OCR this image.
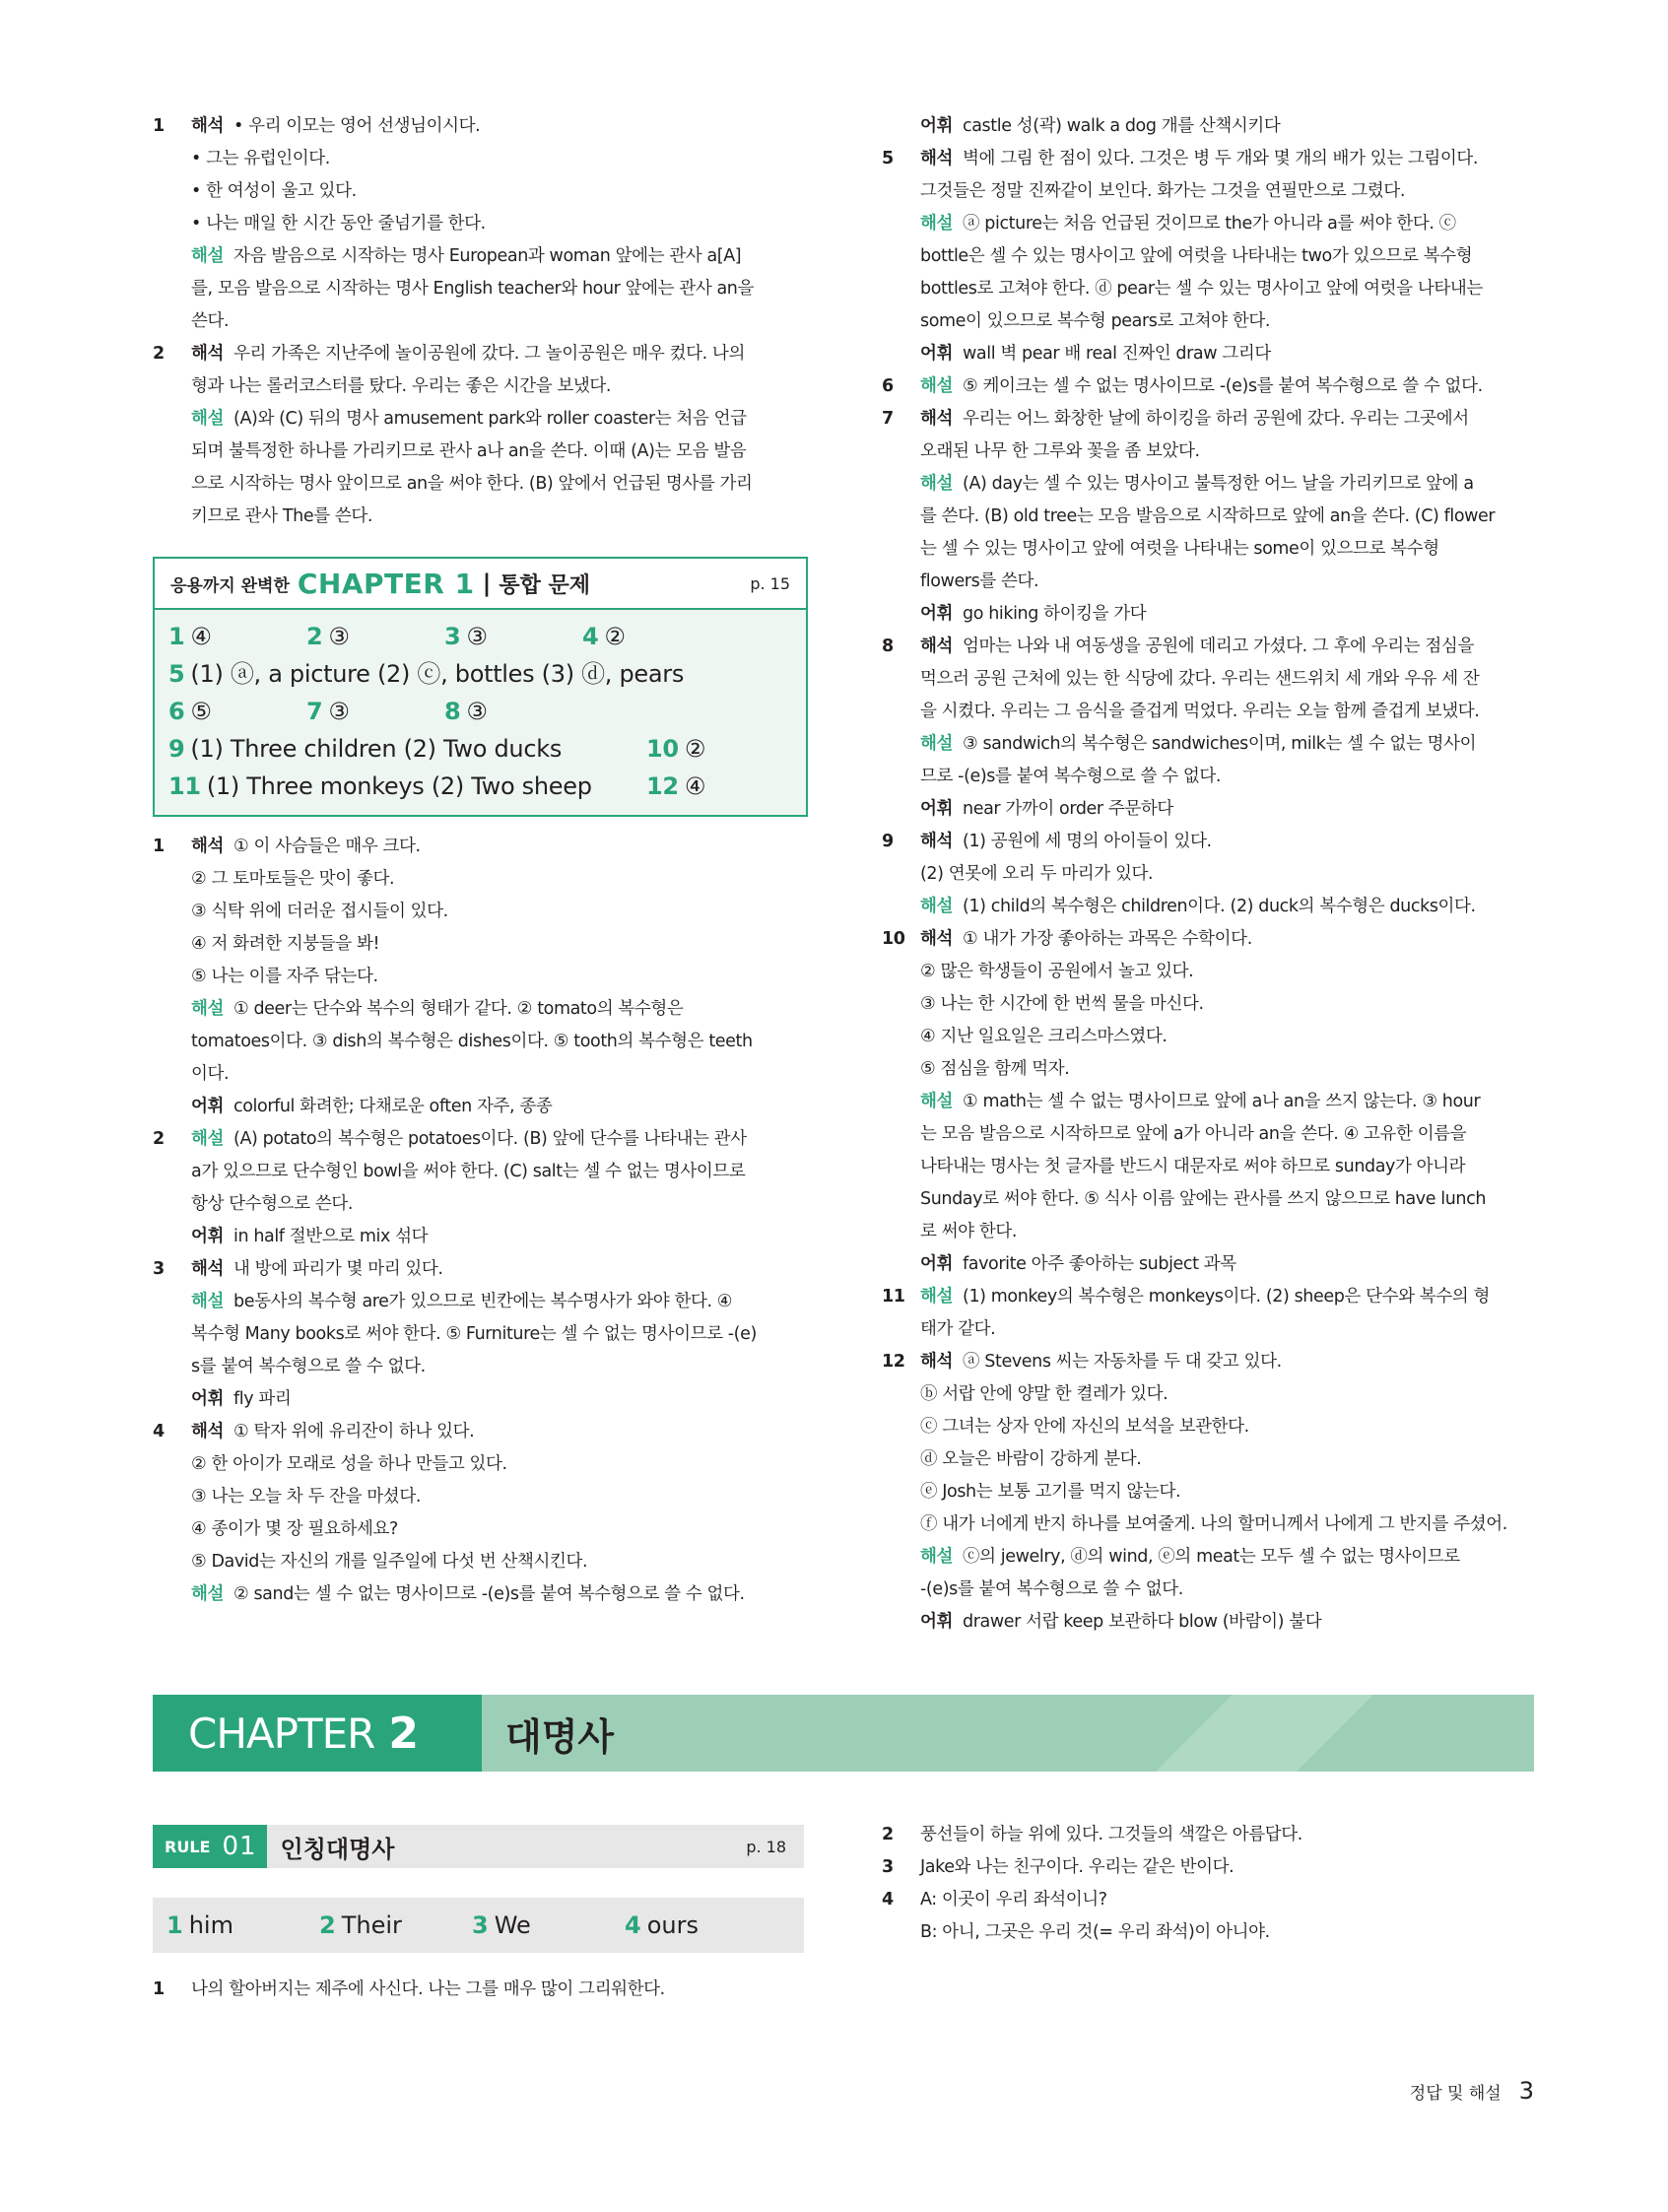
1	해석 • 우리 이모는 영어 선생님이시다.
• 그는 유럽인이다.
• 한 여성이 울고 있다.
• 나는 매일 한 시간 동안 줄넘기를 한다.
해설 자음 발음으로 시작하는 명사 European과 woman 앞에는 관사 a[A]
를, 모음 발음으로 시작하는 명사 English teacher와 hour 앞에는 관사 an을
쓴다.
2	해석 우리 가족은 지난주에 놀이공원에 갔다. 그 놀이공원은 매우 컸다. 나의
형과 나는 롤러코스터를 탔다. 우리는 좋은 시간을 보냈다.
해설 (A)와 (C) 뒤의 명사 amusement park와 roller coaster는 처음 언급
되며 불특정한 하나를 가리키므로 관사 a나 an을 쓴다. 이때 (A)는 모음 발음
으로 시작하는 명사 앞이므로 an을 써야 한다. (B) 앞에서 언급된 명사를 가리
키므로 관사 The를 쓴다.
응용까지 완벽한 CHAPTER 1 | 통합 문제	p. 15
1 ④	2 ③	3 ③	4 ②
5 (1) ⓐ, a picture (2) ⓒ, bottles (3) ⓓ, pears
6 ⑤	7 ③	8 ③
9 (1) Three children (2) Two ducks	10 ②
11 (1) Three monkeys (2) Two sheep	12 ④
1	해석 ① 이 사슴들은 매우 크다.
② 그 토마토들은 맛이 좋다.
③ 식탁 위에 더러운 접시들이 있다.
④ 저 화려한 지붕들을 봐!
⑤ 나는 이를 자주 닦는다.
해설 ① deer는 단수와 복수의 형태가 같다. ② tomato의 복수형은
tomatoes이다. ③ dish의 복수형은 dishes이다. ⑤ tooth의 복수형은 teeth
이다.
어휘 colorful 화려한; 다채로운 often 자주, 종종
2	해설 (A) potato의 복수형은 potatoes이다. (B) 앞에 단수를 나타내는 관사
a가 있으므로 단수형인 bowl을 써야 한다. (C) salt는 셀 수 없는 명사이므로
항상 단수형으로 쓴다.
어휘 in half 절반으로 mix 섞다
3	해석 내 방에 파리가 몇 마리 있다.
해설 be동사의 복수형 are가 있으므로 빈칸에는 복수명사가 와야 한다. ④
복수형 Many books로 써야 한다. ⑤ Furniture는 셀 수 없는 명사이므로 -(e)
s를 붙여 복수형으로 쓸 수 없다.
어휘 fly 파리
4	해석 ① 탁자 위에 유리잔이 하나 있다.
② 한 아이가 모래로 성을 하나 만들고 있다.
③ 나는 오늘 차 두 잔을 마셨다.
④ 종이가 몇 장 필요하세요?
⑤ David는 자신의 개를 일주일에 다섯 번 산책시킨다.
해설 ② sand는 셀 수 없는 명사이므로 -(e)s를 붙여 복수형으로 쓸 수 없다.
어휘 castle 성(곽) walk a dog 개를 산책시키다
5	해석 벽에 그림 한 점이 있다. 그것은 병 두 개와 몇 개의 배가 있는 그림이다.
그것들은 정말 진짜같이 보인다. 화가는 그것을 연필만으로 그렸다.
해설 ⓐ picture는 처음 언급된 것이므로 the가 아니라 a를 써야 한다. ⓒ
bottle은 셀 수 있는 명사이고 앞에 여럿을 나타내는 two가 있으므로 복수형
bottles로 고쳐야 한다. ⓓ pear는 셀 수 있는 명사이고 앞에 여럿을 나타내는
some이 있으므로 복수형 pears로 고쳐야 한다.
어휘 wall 벽 pear 배 real 진짜인 draw 그리다
6	해설 ⑤ 케이크는 셀 수 없는 명사이므로 -(e)s를 붙여 복수형으로 쓸 수 없다.
7	해석 우리는 어느 화창한 날에 하이킹을 하러 공원에 갔다. 우리는 그곳에서
오래된 나무 한 그루와 꽃을 좀 보았다.
해설 (A) day는 셀 수 있는 명사이고 불특정한 어느 날을 가리키므로 앞에 a
를 쓴다. (B) old tree는 모음 발음으로 시작하므로 앞에 an을 쓴다. (C) flower
는 셀 수 있는 명사이고 앞에 여럿을 나타내는 some이 있으므로 복수형
flowers를 쓴다.
어휘 go hiking 하이킹을 가다
8	해석 엄마는 나와 내 여동생을 공원에 데리고 가셨다. 그 후에 우리는 점심을
먹으러 공원 근처에 있는 한 식당에 갔다. 우리는 샌드위치 세 개와 우유 세 잔
을 시켰다. 우리는 그 음식을 즐겁게 먹었다. 우리는 오늘 함께 즐겁게 보냈다.
해설 ③ sandwich의 복수형은 sandwiches이며, milk는 셀 수 없는 명사이
므로 -(e)s를 붙여 복수형으로 쓸 수 없다.
어휘 near 가까이 order 주문하다
9	해석 (1) 공원에 세 명의 아이들이 있다.
(2) 연못에 오리 두 마리가 있다.
해설 (1) child의 복수형은 children이다. (2) duck의 복수형은 ducks이다.
10 해석 ① 내가 가장 좋아하는 과목은 수학이다.
② 많은 학생들이 공원에서 놀고 있다.
③ 나는 한 시간에 한 번씩 물을 마신다.
④ 지난 일요일은 크리스마스였다.
⑤ 점심을 함께 먹자.
해설 ① math는 셀 수 없는 명사이므로 앞에 a나 an을 쓰지 않는다. ③ hour
는 모음 발음으로 시작하므로 앞에 a가 아니라 an을 쓴다. ④ 고유한 이름을
나타내는 명사는 첫 글자를 반드시 대문자로 써야 하므로 sunday가 아니라
Sunday로 써야 한다. ⑤ 식사 이름 앞에는 관사를 쓰지 않으므로 have lunch
로 써야 한다.
어휘 favorite 아주 좋아하는 subject 과목
11 해설 (1) monkey의 복수형은 monkeys이다. (2) sheep은 단수와 복수의 형
태가 같다.
12 해석 ⓐ Stevens 씨는 자동차를 두 대 갖고 있다.
ⓑ 서랍 안에 양말 한 켤레가 있다.
ⓒ 그녀는 상자 안에 자신의 보석을 보관한다.
ⓓ 오늘은 바람이 강하게 분다.
ⓔ Josh는 보통 고기를 먹지 않는다.
ⓕ 내가 너에게 반지 하나를 보여줄게. 나의 할머니께서 나에게 그 반지를 주셨어.
해설 ⓒ의 jewelry, ⓓ의 wind, ⓔ의 meat는 모두 셀 수 없는 명사이므로
-(e)s를 붙여 복수형으로 쓸 수 없다.
어휘 drawer 서랍 keep 보관하다 blow (바람이) 불다
CHAPTER 2	대명사
RULE 01 인칭대명사	p. 18
1 him	2 Their	3 We	4 ours
1	나의 할아버지는 제주에 사신다. 나는 그를 매우 많이 그리워한다.
2	풍선들이 하늘 위에 있다. 그것들의 색깔은 아름답다.
3	Jake와 나는 친구이다. 우리는 같은 반이다.
4	A: 이곳이 우리 좌석이니?
B: 아니, 그곳은 우리 것(= 우리 좌석)이 아니야.
정답 및 해설 3
